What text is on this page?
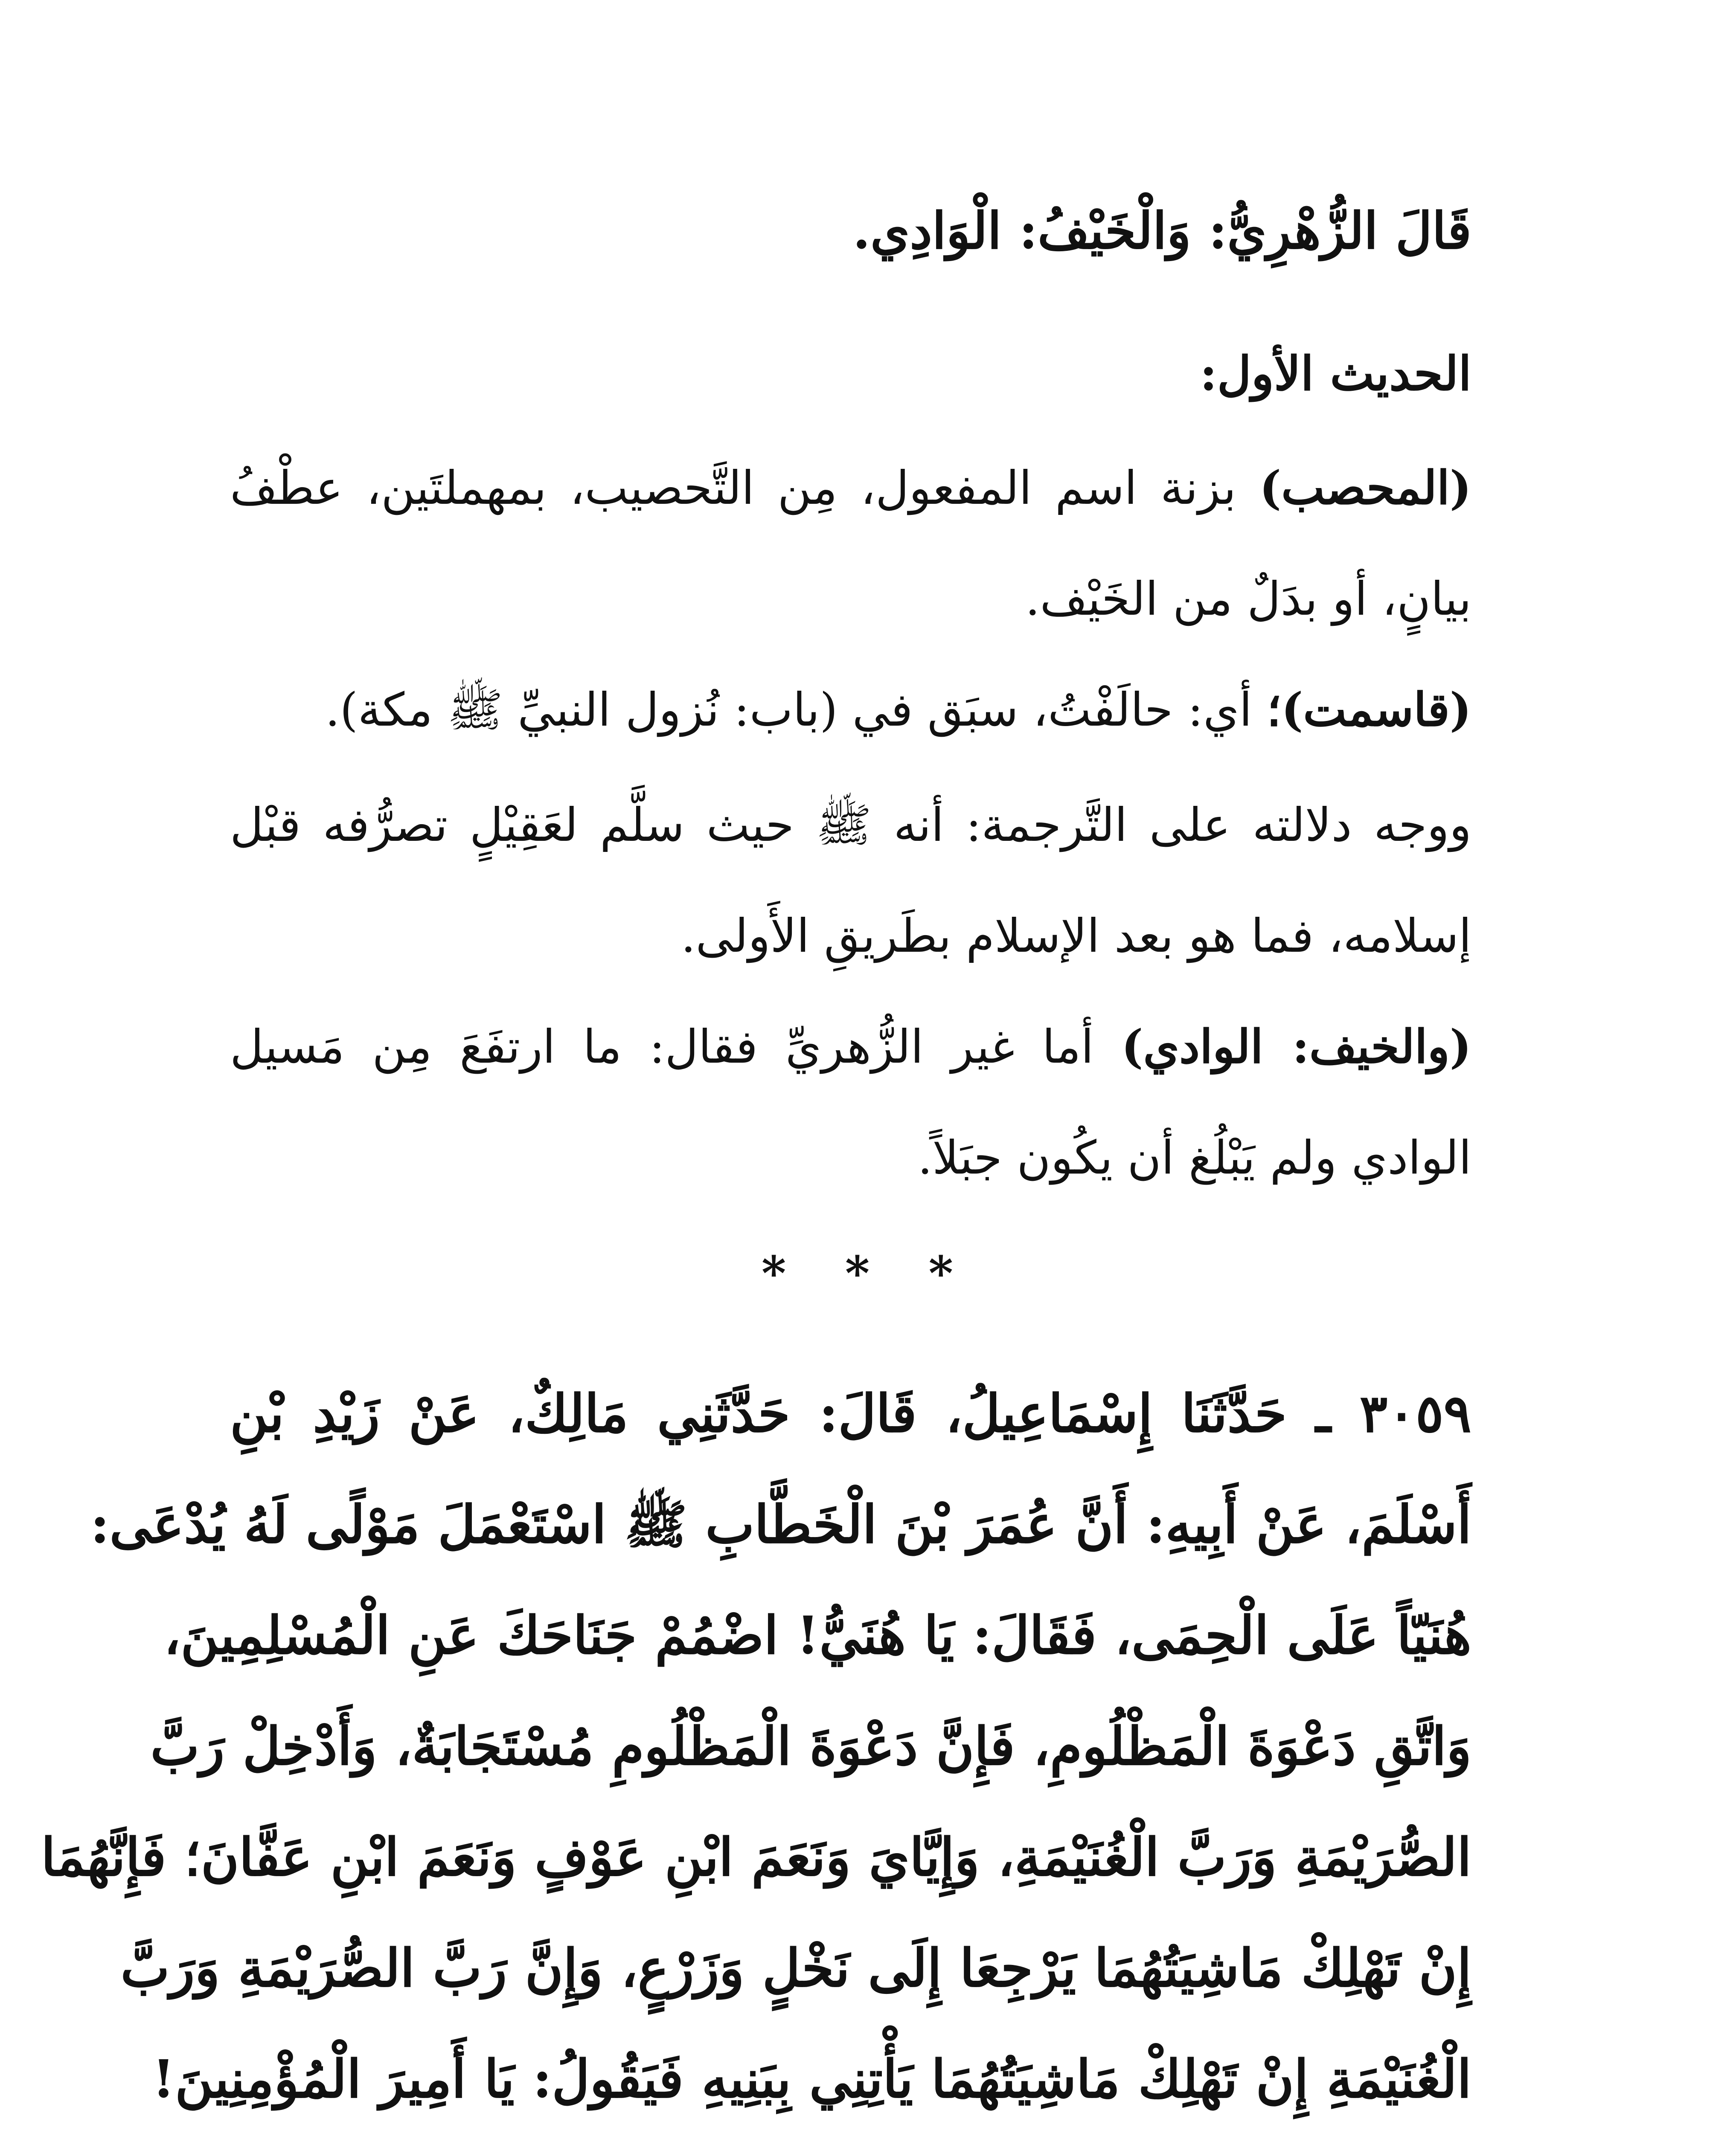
قَالَ الزُّهْرِيُّ: وَالْخَيْفُ: الْوَادِي.
الحديث الأول:
(المحصب) بزنة اسم المفعول، مِن التَّحصيب، بمهملتَين، عطْفُ
بيانٍ، أو بدَلٌ من الخَيْف.
(قاسمت)؛ أي: حالَفْتُ، سبَق في (باب: نُزول النبيِّ ﷺ مكة).
ووجه دلالته على التَّرجمة: أنه ﷺ حيث سلَّم لعَقِيْلٍ تصرُّفه قبْل
إسلامه، فما هو بعد الإسلام بطَريقِ الأَولى.
(والخيف: الوادي) أما غير الزُّهريِّ فقال: ما ارتفَعَ مِن مَسيل
الوادي ولم يَبْلُغ أن يكُون جبَلاً.
* * *
٣٠٥٩ ـ حَدَّثَنَا إِسْمَاعِيلُ، قَالَ: حَدَّثَنِي مَالِكٌ، عَنْ زَيْدِ بْنِ
أَسْلَمَ، عَنْ أَبِيهِ: أَنَّ عُمَرَ بْنَ الْخَطَّابِ ﷺ اسْتَعْمَلَ مَوْلًى لَهُ يُدْعَى:
هُنَيّاً عَلَى الْحِمَى، فَقَالَ: يَا هُنَيُّ! اضْمُمْ جَنَاحَكَ عَنِ الْمُسْلِمِينَ،
وَاتَّقِ دَعْوَةَ الْمَظْلُومِ، فَإِنَّ دَعْوَةَ الْمَظْلُومِ مُسْتَجَابَةٌ، وَأَدْخِلْ رَبَّ
الصُّرَيْمَةِ وَرَبَّ الْغُنَيْمَةِ، وَإِيَّايَ وَنَعَمَ ابْنِ عَوْفٍ وَنَعَمَ ابْنِ عَفَّانَ؛ فَإِنَّهُمَا
إِنْ تَهْلِكْ مَاشِيَتُهُمَا يَرْجِعَا إِلَى نَخْلٍ وَزَرْعٍ، وَإِنَّ رَبَّ الصُّرَيْمَةِ وَرَبَّ
الْغُنَيْمَةِ إِنْ تَهْلِكْ مَاشِيَتُهُمَا يَأْتِنِي بِبَنِيهِ فَيَقُولُ: يَا أَمِيرَ الْمُؤْمِنِينَ!
